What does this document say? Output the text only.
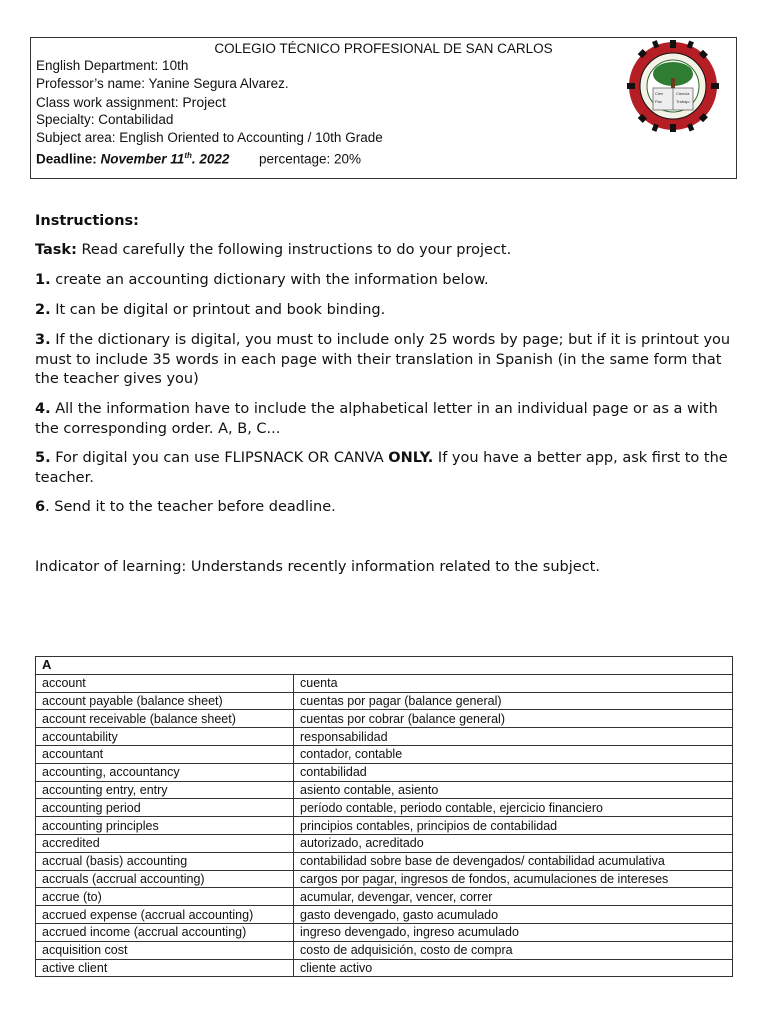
COLEGIO TÉCNICO PROFESIONAL DE SAN CARLOS
English Department: 10th
Professor’s name: Yanine Segura Alvarez.
Class work assignment: Project
Specialty: Contabilidad
Subject area: English Oriented to Accounting / 10th Grade
Deadline: November 11th. 2022 percentage: 20%
Cien	Ciencia
Paz	Trabajo

Instructions:

Task: Read carefully the following instructions to do your project.

1. create an accounting dictionary with the information below.

2. It can be digital or printout and book binding.

3. If the dictionary is digital, you must to include only 25 words by page; but if it is printout you must to include 35 words in each page with their translation in Spanish (in the same form that the teacher gives you)

4. All the information have to include the alphabetical letter in an individual page or as a with the corresponding order. A, B, C...

5. For digital you can use FLIPSNACK OR CANVA ONLY. If you have a better app, ask first to the teacher.

6. Send it to the teacher before deadline.

Indicator of learning: Understands recently information related to the subject.

A	
account	cuenta
account payable (balance sheet)	cuentas por pagar (balance general)
account receivable (balance sheet)	cuentas por cobrar (balance general)
accountability	responsabilidad
accountant	contador, contable
accounting, accountancy	contabilidad
accounting entry, entry	asiento contable, asiento
accounting period	período contable, periodo contable, ejercicio financiero
accounting principles	principios contables, principios de contabilidad
accredited	autorizado, acreditado
accrual (basis) accounting	contabilidad sobre base de devengados/ contabilidad acumulativa
accruals (accrual accounting)	cargos por pagar, ingresos de fondos, acumulaciones de intereses
accrue (to)	acumular, devengar, vencer, correr
accrued expense (accrual accounting)	gasto devengado, gasto acumulado
accrued income (accrual accounting)	ingreso devengado, ingreso acumulado
acquisition cost	costo de adquisición, costo de compra
active client	cliente activo
